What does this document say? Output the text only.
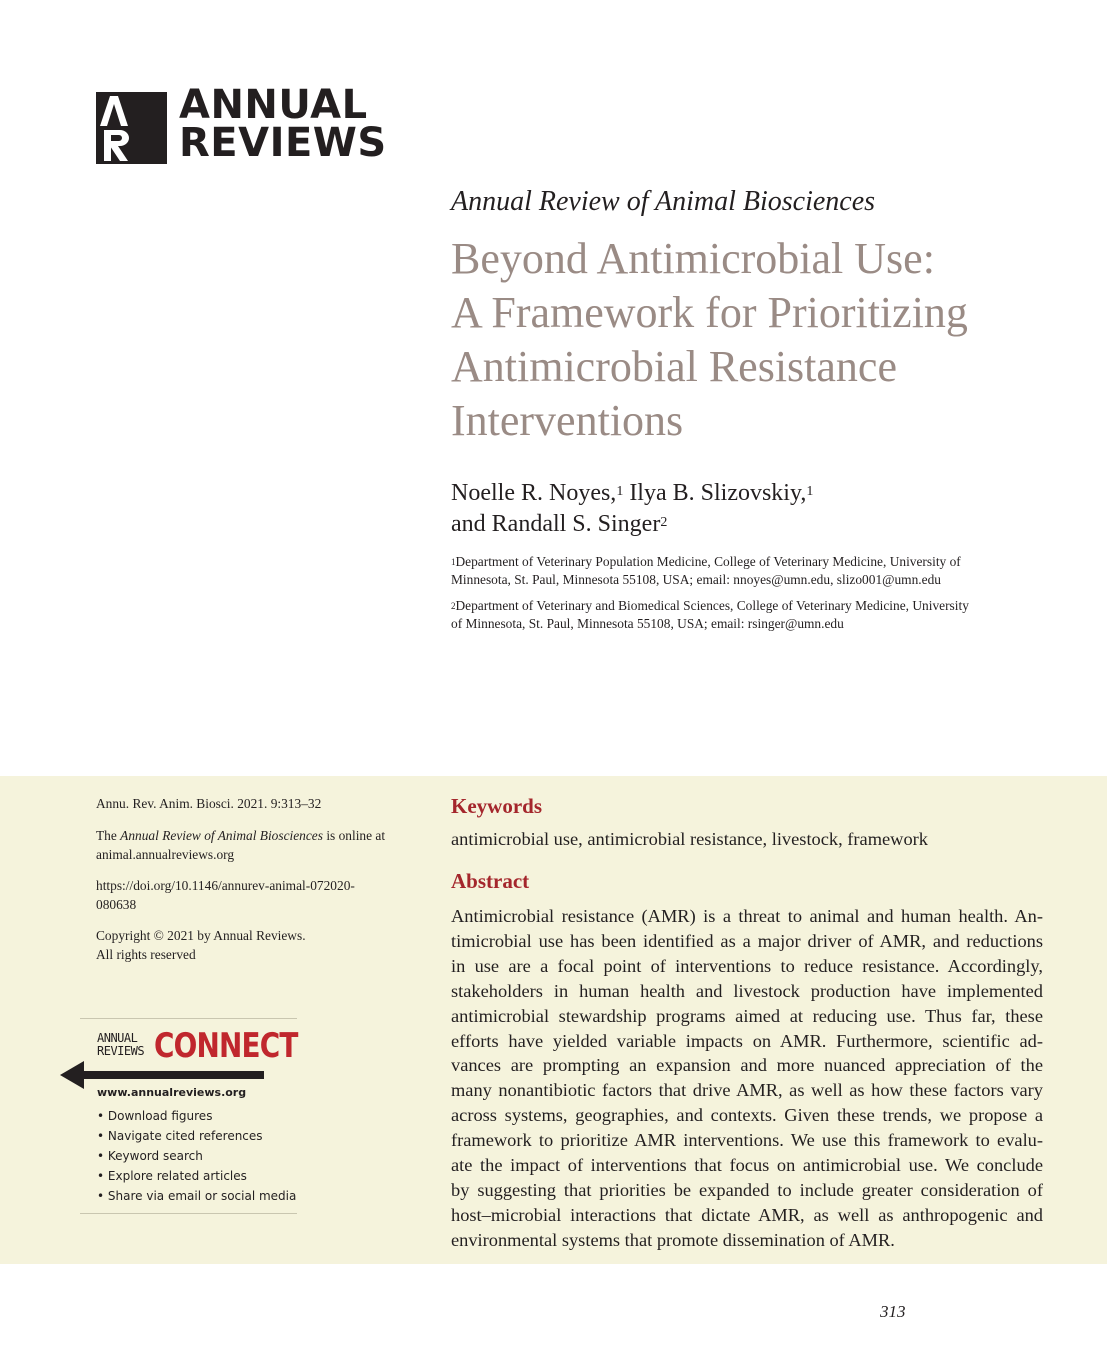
ANNUAL
REVIEWS
Annual Review of Animal Biosciences
Beyond Antimicrobial Use:
A Framework for Prioritizing
Antimicrobial Resistance
Interventions
Noelle R. Noyes,$^1$ Ilya B. Slizovskiy,$^1$
and Randall S. Singer$^2$
$^1$Department of Veterinary Population Medicine, College of Veterinary Medicine, University of
Minnesota, St. Paul, Minnesota 55108, USA; email: nnoyes@umn.edu, slizo001@umn.edu
$^2$Department of Veterinary and Biomedical Sciences, College of Veterinary Medicine, University
of Minnesota, St. Paul, Minnesota 55108, USA; email: rsinger@umn.edu
Annu. Rev. Anim. Biosci. 2021. 9:313–32
The Annual Review of Animal Biosciences is online at
animal.annualreviews.org
https://doi.org/10.1146/annurev-animal-072020-
080638
Copyright © 2021 by Annual Reviews.
All rights reserved
ANNUAL
REVIEWS CONNECT
www.annualreviews.org
• Download figures
• Navigate cited references
• Keyword search
• Explore related articles
• Share via email or social media
Keywords
antimicrobial use, antimicrobial resistance, livestock, framework
Abstract
Antimicrobial resistance (AMR) is a threat to animal and human health. An-
timicrobial use has been identified as a major driver of AMR, and reductions
in use are a focal point of interventions to reduce resistance. Accordingly,
stakeholders in human health and livestock production have implemented
antimicrobial stewardship programs aimed at reducing use. Thus far, these
efforts have yielded variable impacts on AMR. Furthermore, scientific ad-
vances are prompting an expansion and more nuanced appreciation of the
many nonantibiotic factors that drive AMR, as well as how these factors vary
across systems, geographies, and contexts. Given these trends, we propose a
framework to prioritize AMR interventions. We use this framework to evalu-
ate the impact of interventions that focus on antimicrobial use. We conclude
by suggesting that priorities be expanded to include greater consideration of
host–microbial interactions that dictate AMR, as well as anthropogenic and
environmental systems that promote dissemination of AMR.
313
